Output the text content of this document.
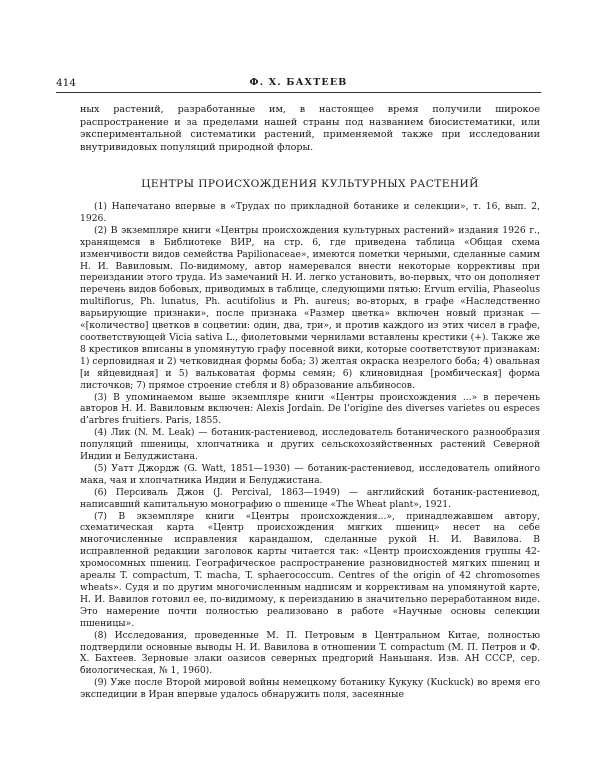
414	Ф. Х. БАХТЕЕВ

ных растений, разработанные им, в настоящее время получили широкое распространение и за пределами нашей страны под названием биосистематики, или экспериментальной систематики растений, применяемой также при исследовании внутривидовых популяций природной флоры.

ЦЕНТРЫ ПРОИСХОЖДЕНИЯ КУЛЬТУРНЫХ РАСТЕНИЙ

(1) Напечатано впервые в «Трудах по прикладной ботанике и селекции», т. 16, вып. 2, 1926.

(2) В экземпляре книги «Центры происхождения культурных растений» издания 1926 г., хранящемся в Библиотеке ВИР, на стр. 6, где приведена таблица «Общая схема изменчивости видов семейства Papilionaceae», имеются пометки черными, сделанные самим Н. И. Вавиловым. По-видимому, автор намеревался внести некоторые коррективы при переиздании этого труда. Из замечаний Н. И. легко установить, во-первых, что он дополняет перечень видов бобовых, приводимых в таблице, следующими пятью: Ervum ervilia, Phaseolus multiflorus, Ph. lunatus, Ph. acutifolius и Ph. aureus; во-вторых, в графе «Наследственно варьирующие признаки», после признака «Размер цветка» включен новый признак — «[количество] цветков в соцветии: один, два, три», и против каждого из этих чисел в графе, соответствующей Vicia sativa L., фиолетовыми чернилами вставлены крестики (+). Также же 8 крестиков вписаны в упомянутую графу посевной вики, которые соответствуют признакам: 1) серповидная и 2) четковидная формы боба; 3) желтая окраска незрелого боба; 4) овальная [и яйцевидная] и 5) вальковатая формы семян; 6) клиновидная [ромбическая] форма листочков; 7) прямое строение стебля и 8) образование альбиносов.

(3) В упоминаемом выше экземпляре книги «Центры происхождения ...» в перечень авторов Н. И. Вавиловым включен: Alexis Jordain. De l’origine des diverses varietes ou especes d’arbres fruitiers. Paris, 1855.

(4) Лик (N. M. Leak) — ботаник-растениевод, исследователь ботанического разнообразия популяций пшеницы, хлопчатника и других сельскохозяйственных растений Северной Индии и Белуджистана.

(5) Уатт Джордж (G. Watt, 1851—1930) — ботаник-растениевод, исследователь опийного мака, чая и хлопчатника Индии и Белуджистана.

(6) Персиваль Джон (J. Percival, 1863—1949) — английский ботаник-растениевод, написавший капитальную монографию о пшенице «The Wheat plant», 1921.

(7) В экземпляре книги «Центры происхождения...», принадлежавшем автору, схематическая карта «Центр происхождения мягких пшениц» несет на себе многочисленные исправления карандашом, сделанные рукой Н. И. Вавилова. В исправленной редакции заголовок карты читается так: «Центр происхождения группы 42-хромосомных пшениц. Географическое распространение разновидностей мягких пшениц и ареалы T. compactum, T. macha, T. sphaerococcum. Centres of the origin of 42 chromosomes wheats». Судя и по другим многочисленным надписям и коррективам на упомянутой карте, Н. И. Вавилов готовил ее, по-видимому, к переизданию в значительно переработанном виде. Это намерение почти полностью реализовано в работе «Научные основы селекции пшеницы».

(8) Исследования, проведенные М. П. Петровым в Центральном Китае, полностью подтвердили основные выводы Н. И. Вавилова в отношении T. compactum (М. П. Петров и Ф. Х. Бахтеев. Зерновые злаки оазисов северных предгорий Наньшаня. Изв. АН СССР, сер. биологическая, № 1, 1960).

(9) Уже после Второй мировой войны немецкому ботанику Кукуку (Kuckuck) во время его экспедиции в Иран впервые удалось обнаружить поля, засеянные
